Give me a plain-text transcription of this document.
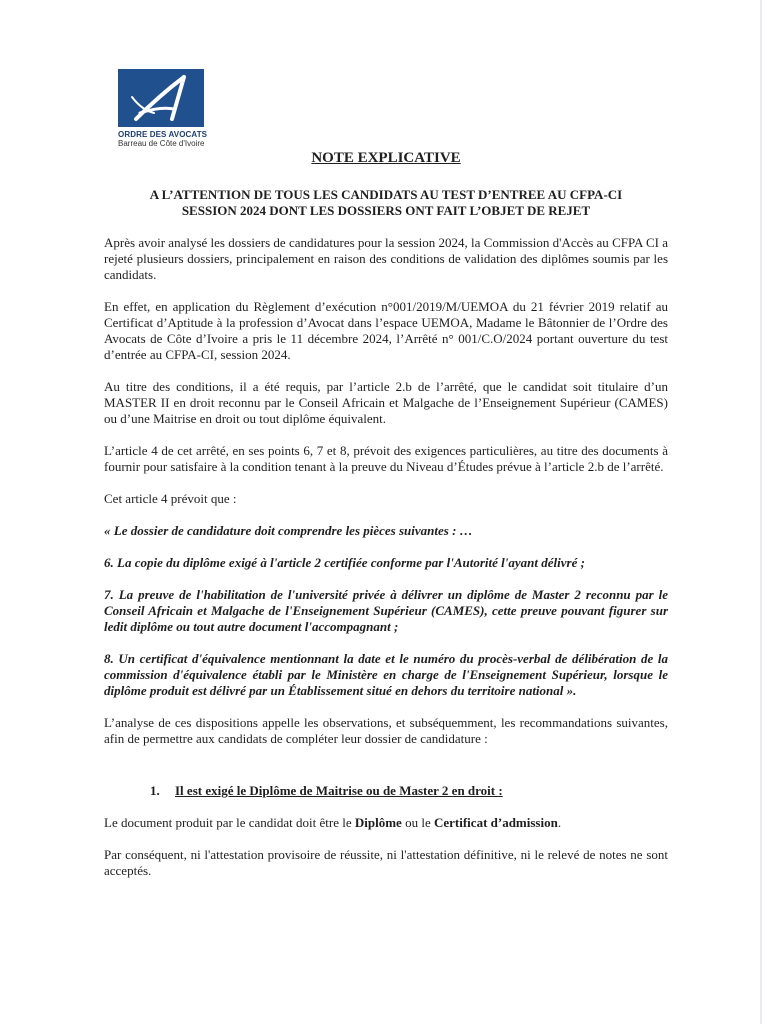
ORDRE DES AVOCATS
Barreau de Côte d'Ivoire
NOTE EXPLICATIVE
A L’ATTENTION DE TOUS LES CANDIDATS AU TEST D’ENTREE AU CFPA-CI
SESSION 2024 DONT LES DOSSIERS ONT FAIT L’OBJET DE REJET

Après avoir analysé les dossiers de candidatures pour la session 2024, la Commission d'Accès au CFPA CI a rejeté plusieurs dossiers, principalement en raison des conditions de validation des diplômes soumis par les candidats.

En effet, en application du Règlement d’exécution n°001/2019/M/UEMOA du 21 février 2019 relatif au Certificat d’Aptitude à la profession d’Avocat dans l’espace UEMOA, Madame le Bâtonnier de l’Ordre des Avocats de Côte d’Ivoire a pris le 11 décembre 2024, l’Arrêté n° 001/C.O/2024 portant ouverture du test d’entrée au CFPA-CI, session 2024.

Au titre des conditions, il a été requis, par l’article 2.b de l’arrêté, que le candidat soit titulaire d’un MASTER II en droit reconnu par le Conseil Africain et Malgache de l’Enseignement Supérieur (CAMES) ou d’une Maitrise en droit ou tout diplôme équivalent.

L’article 4 de cet arrêté, en ses points 6, 7 et 8, prévoit des exigences particulières, au titre des documents à fournir pour satisfaire à la condition tenant à la preuve du Niveau d’Études prévue à l’article 2.b de l’arrêté.

Cet article 4 prévoit que :

« Le dossier de candidature doit comprendre les pièces suivantes : …

6. La copie du diplôme exigé à l'article 2 certifiée conforme par l'Autorité l'ayant délivré ;

7. La preuve de l'habilitation de l'université privée à délivrer un diplôme de Master 2 reconnu par le Conseil Africain et Malgache de l'Enseignement Supérieur (CAMES), cette preuve pouvant figurer sur ledit diplôme ou tout autre document l'accompagnant ;

8. Un certificat d'équivalence mentionnant la date et le numéro du procès-verbal de délibération de la commission d'équivalence établi par le Ministère en charge de l'Enseignement Supérieur, lorsque le diplôme produit est délivré par un Établissement situé en dehors du territoire national ».

L’analyse de ces dispositions appelle les observations, et subséquemment, les recommandations suivantes, afin de permettre aux candidats de compléter leur dossier de candidature :

1. Il est exigé le Diplôme de Maitrise ou de Master 2 en droit :

Le document produit par le candidat doit être le Diplôme ou le Certificat d’admission.

Par conséquent, ni l'attestation provisoire de réussite, ni l'attestation définitive, ni le relevé de notes ne sont acceptés.
